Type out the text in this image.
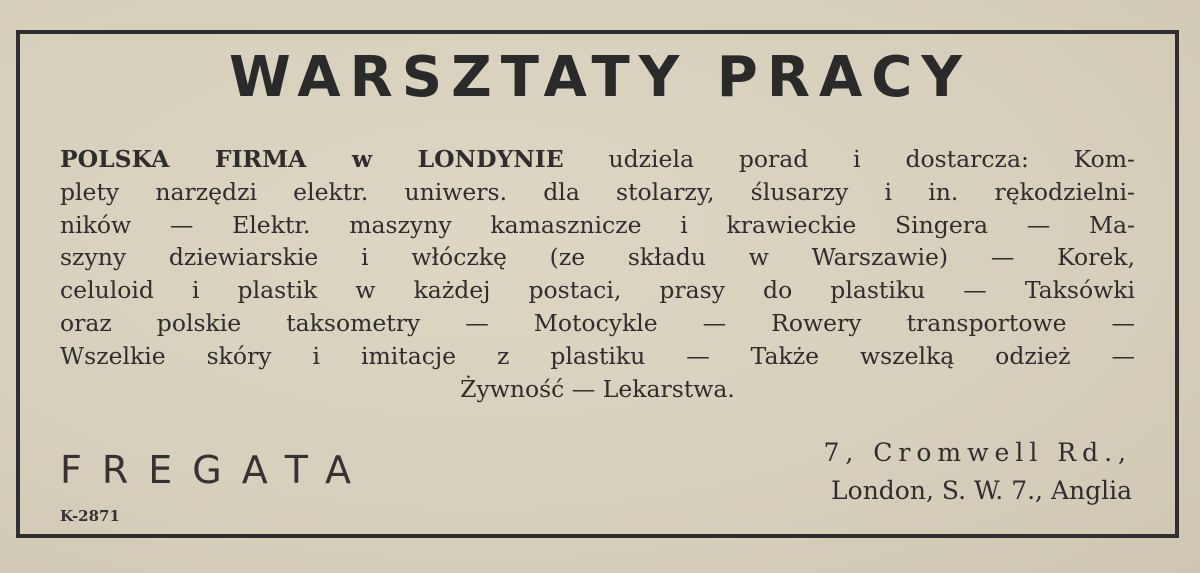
WARSZTATY PRACY
POLSKA FIRMA w LONDYNIE udziela porad i dostarcza: Kom-
plety narzędzi elektr. uniwers. dla stolarzy, ślusarzy i in. rękodzielni-
ników — Elektr. maszyny kamasznicze i krawieckie Singera — Ma-
szyny dziewiarskie i włóczkę (ze składu w Warszawie) — Korek,
celuloid i plastik w każdej postaci, prasy do plastiku — Taksówki
oraz polskie taksometry — Motocykle — Rowery transportowe —
Wszelkie skóry i imitacje z plastiku — Także wszelką odzież —
Żywność — Lekarstwa.
FREGATA
K-2871
7, Cromwell Rd.,
London, S. W. 7., Anglia
